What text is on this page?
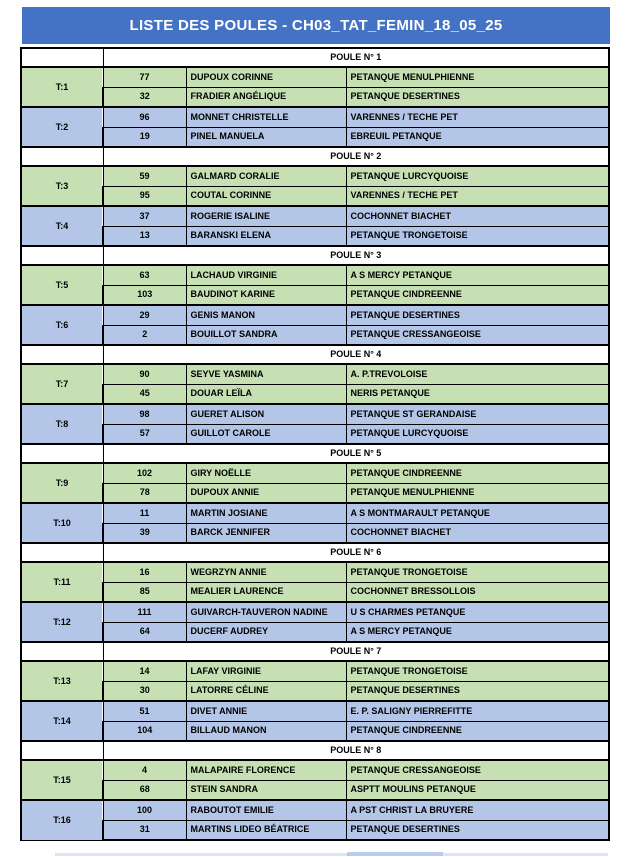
LISTE DES POULES - CH03_TAT_FEMIN_18_05_25
	POULE N° 1		
T:1	77	DUPOUX CORINNE	PETANQUE MENULPHIENNE
	32	FRADIER ANGÉLIQUE	PETANQUE DESERTINES
T:2	96	MONNET CHRISTELLE	VARENNES / TECHE PET
	19	PINEL MANUELA	EBREUIL PETANQUE
	POULE N° 2		
T:3	59	GALMARD CORALIE	PETANQUE LURCYQUOISE
	95	COUTAL CORINNE	VARENNES / TECHE PET
T:4	37	ROGERIE ISALINE	COCHONNET BIACHET
	13	BARANSKI ELENA	PETANQUE TRONGETOISE
	POULE N° 3		
T:5	63	LACHAUD VIRGINIE	A S MERCY PETANQUE
	103	BAUDINOT KARINE	PETANQUE CINDREENNE
T:6	29	GENIS MANON	PETANQUE DESERTINES
	2	BOUILLOT SANDRA	PETANQUE CRESSANGEOISE
	POULE N° 4		
T:7	90	SEYVE YASMINA	A. P.TREVOLOISE
	45	DOUAR LEÏLA	NERIS PETANQUE
T:8	98	GUERET ALISON	PETANQUE ST GERANDAISE
	57	GUILLOT CAROLE	PETANQUE LURCYQUOISE
	POULE N° 5		
T:9	102	GIRY NOËLLE	PETANQUE CINDREENNE
	78	DUPOUX ANNIE	PETANQUE MENULPHIENNE
T:10	11	MARTIN JOSIANE	A S MONTMARAULT PETANQUE
	39	BARCK JENNIFER	COCHONNET BIACHET
	POULE N° 6		
T:11	16	WEGRZYN ANNIE	PETANQUE TRONGETOISE
	85	MEALIER LAURENCE	COCHONNET BRESSOLLOIS
T:12	111	GUIVARCH-TAUVERON NADINE	U S CHARMES PETANQUE
	64	DUCERF AUDREY	A S MERCY PETANQUE
	POULE N° 7		
T:13	14	LAFAY VIRGINIE	PETANQUE TRONGETOISE
	30	LATORRE CÉLINE	PETANQUE DESERTINES
T:14	51	DIVET ANNIE	E. P. SALIGNY PIERREFITTE
	104	BILLAUD MANON	PETANQUE CINDREENNE
	POULE N° 8		
T:15	4	MALAPAIRE FLORENCE	PETANQUE CRESSANGEOISE
	68	STEIN SANDRA	ASPTT MOULINS PETANQUE
T:16	100	RABOUTOT EMILIE	A PST CHRIST LA BRUYERE
	31	MARTINS LIDEO BÉATRICE	PETANQUE DESERTINES
